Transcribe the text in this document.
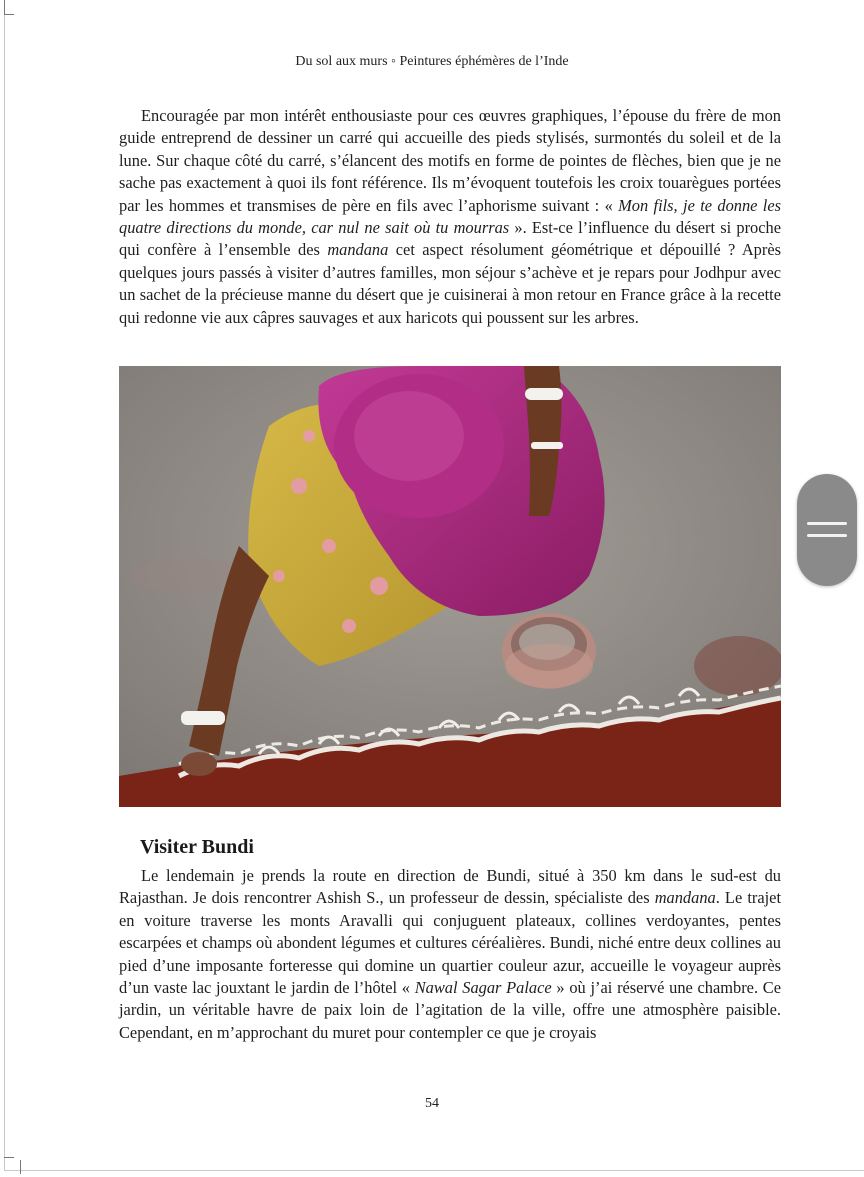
Du sol aux murs ◦ Peintures éphémères de l’Inde

Encouragée par mon intérêt enthousiaste pour ces œuvres graphiques, l’épouse du frère de mon guide entreprend de dessiner un carré qui accueille des pieds stylisés, surmontés du soleil et de la lune. Sur chaque côté du carré, s’élancent des motifs en forme de pointes de flèches, bien que je ne sache pas exactement à quoi ils font référence. Ils m’évoquent toutefois les croix touarègues portées par les hommes et transmises de père en fils avec l’aphorisme suivant : « Mon fils, je te donne les quatre directions du monde, car nul ne sait où tu mourras ». Est-ce l’influence du désert si proche qui confère à l’ensemble des mandana cet aspect résolument géométrique et dépouillé ? Après quelques jours passés à visiter d’autres familles, mon séjour s’achève et je repars pour Jodhpur avec un sachet de la précieuse manne du désert que je cuisinerai à mon retour en France grâce à la recette qui redonne vie aux câpres sauvages et aux haricots qui poussent sur les arbres.

Visiter Bundi

Le lendemain je prends la route en direction de Bundi, situé à 350 km dans le sud-est du Rajasthan. Je dois rencontrer Ashish S., un professeur de dessin, spécialiste des mandana. Le trajet en voiture traverse les monts Aravalli qui conjuguent plateaux, collines verdoyantes, pentes escarpées et champs où abondent légumes et cultures céréalières. Bundi, niché entre deux collines au pied d’une imposante forteresse qui domine un quartier couleur azur, accueille le voyageur auprès d’un vaste lac jouxtant le jardin de l’hôtel « Nawal Sagar Palace » où j’ai réservé une chambre. Ce jardin, un véritable havre de paix loin de l’agitation de la ville, offre une atmosphère paisible. Cependant, en m’approchant du muret pour contempler ce que je croyais

54
